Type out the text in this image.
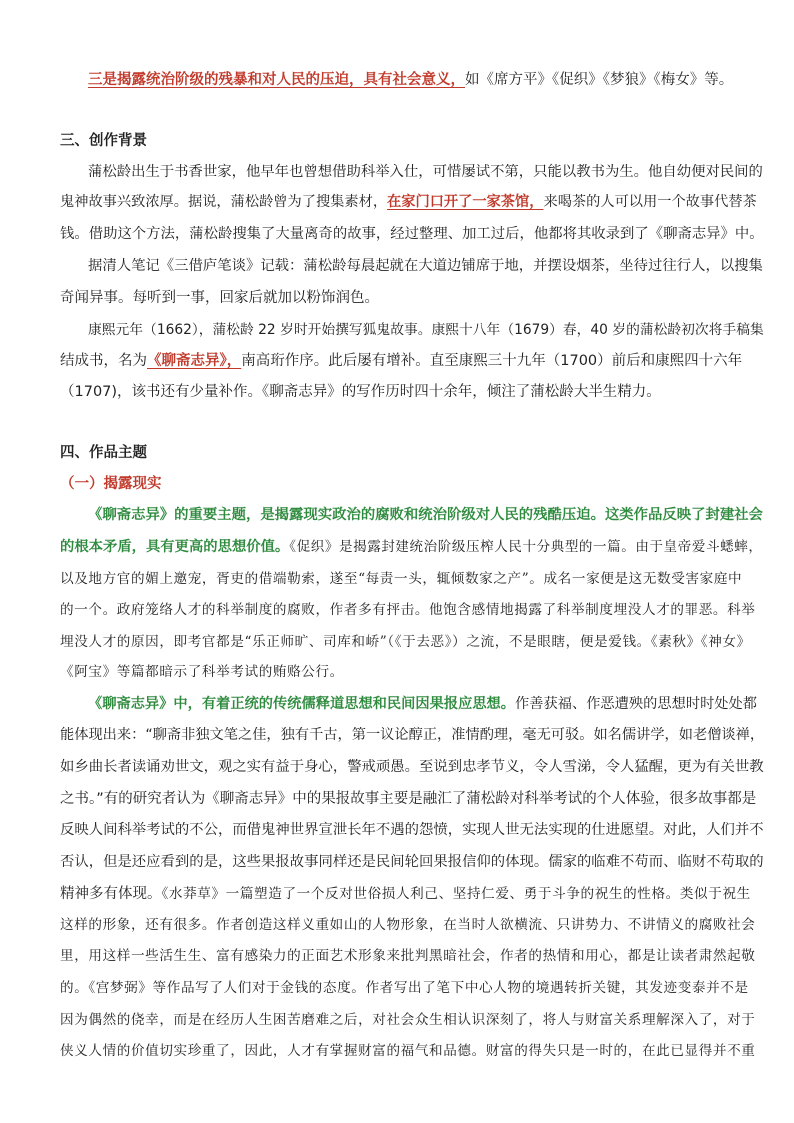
三是揭露统治阶级的残暴和对人民的压迫，具有社会意义，如《席方平》《促织》《梦狼》《梅女》等。
三、创作背景
蒲松龄出生于书香世家，他早年也曾想借助科举入仕，可惜屡试不第，只能以教书为生。他自幼便对民间的
鬼神故事兴致浓厚。据说，蒲松龄曾为了搜集素材，在家门口开了一家茶馆，来喝茶的人可以用一个故事代替茶
钱。借助这个方法，蒲松龄搜集了大量离奇的故事，经过整理、加工过后，他都将其收录到了《聊斋志异》中。
据清人笔记《三借庐笔谈》记载：蒲松龄每晨起就在大道边铺席于地，并摆设烟茶，坐待过往行人，以搜集
奇闻异事。每听到一事，回家后就加以粉饰润色。
康熙元年（1662），蒲松龄 22 岁时开始撰写狐鬼故事。康熙十八年（1679）春，40 岁的蒲松龄初次将手稿集
结成书，名为《聊斋志异》，南高珩作序。此后屡有增补。直至康熙三十九年（1700）前后和康熙四十六年
（1707)，该书还有少量补作。《聊斋志异》的写作历时四十余年，倾注了蒲松龄大半生精力。
四、作品主题
（一）揭露现实
《聊斋志异》的重要主题，是揭露现实政治的腐败和统治阶级对人民的残酷压迫。这类作品反映了封建社会
的根本矛盾，具有更高的思想价值。《促织》是揭露封建统治阶级压榨人民十分典型的一篇。由于皇帝爱斗蟋蟀，
以及地方官的媚上邀宠，胥吏的借端勒索，遂至“每责一头，辄倾数家之产”。成名一家便是这无数受害家庭中
的一个。政府笼络人才的科举制度的腐败，作者多有抨击。他饱含感情地揭露了科举制度埋没人才的罪恶。科举
埋没人才的原因，即考官都是“乐正师旷、司库和峤”（《于去恶》）之流，不是眼瞎，便是爱钱。《素秋》《神女》
《阿宝》等篇都暗示了科举考试的贿赂公行。
《聊斋志异》中，有着正统的传统儒释道思想和民间因果报应思想。作善获福、作恶遭殃的思想时时处处都
能体现出来：“聊斋非独文笔之佳，独有千古，第一议论醇正，准情酌理，毫无可驳。如名儒讲学，如老僧谈禅，
如乡曲长者读诵劝世文，观之实有益于身心，警戒顽愚。至说到忠孝节义，令人雪涕，令人猛醒，更为有关世教
之书。”有的研究者认为《聊斋志异》中的果报故事主要是融汇了蒲松龄对科举考试的个人体验，很多故事都是
反映人间科举考试的不公，而借鬼神世界宣泄长年不遇的怨愤，实现人世无法实现的仕进愿望。对此，人们并不
否认，但是还应看到的是，这些果报故事同样还是民间轮回果报信仰的体现。儒家的临难不苟而、临财不苟取的
精神多有体现。《水莽草》一篇塑造了一个反对世俗损人利己、坚持仁爱、勇于斗争的祝生的性格。类似于祝生
这样的形象，还有很多。作者创造这样义重如山的人物形象，在当时人欲横流、只讲势力、不讲情义的腐败社会
里，用这样一些活生生、富有感染力的正面艺术形象来批判黑暗社会，作者的热情和用心，都是让读者肃然起敬
的。《宫梦弼》等作品写了人们对于金钱的态度。作者写出了笔下中心人物的境遇转折关键，其发迹变泰并不是
因为偶然的侥幸，而是在经历人生困苦磨难之后，对社会众生相认识深刻了，将人与财富关系理解深入了，对于
侠义人情的价值切实珍重了，因此，人才有掌握财富的福气和品德。财富的得失只是一时的，在此已显得并不重
